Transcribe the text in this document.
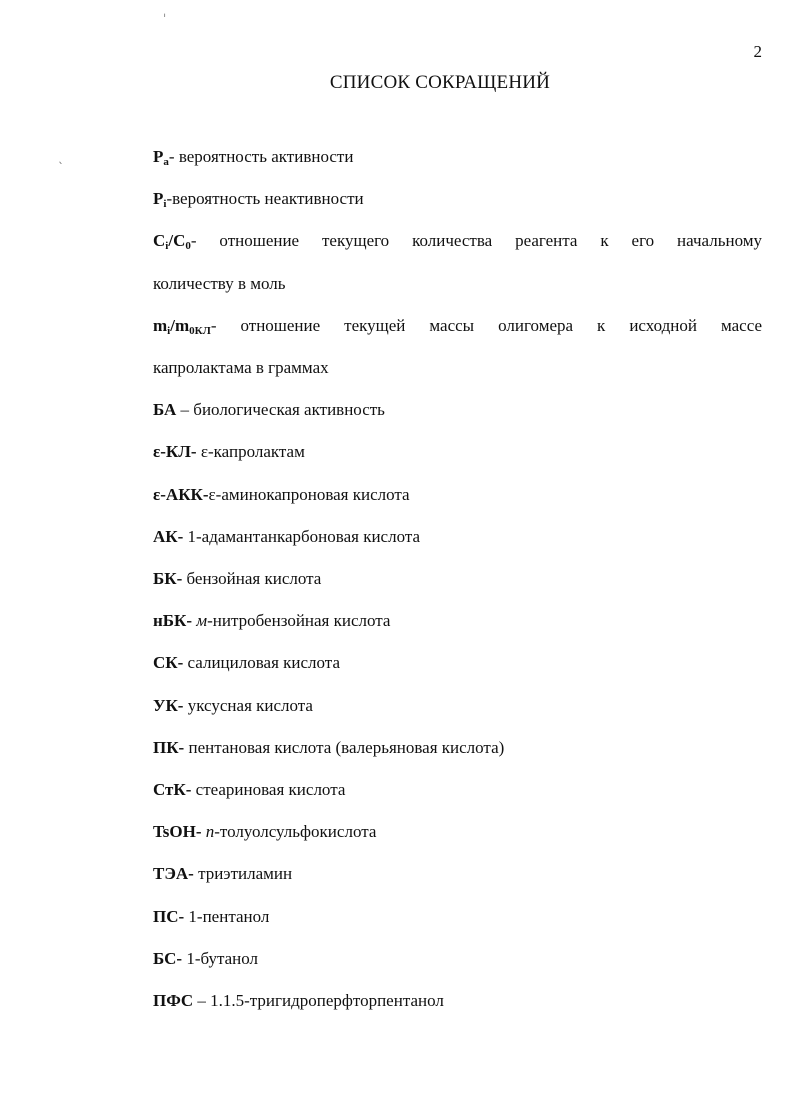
ˌ
ˎ
2
СПИСОК СОКРАЩЕНИЙ
$P_a-$ вероятность активности
$P_i$-вероятность неактивности
$C_i/C_0-$ отношение текущего количества реагента к его начальному
количеству в моль
$m_i/m_{0КЛ}-$ отношение текущей массы олигомера к исходной массе
капролактама в граммах
БА – биологическая активность
ε-КЛ- ε-капролактам
ε-АКК-ε-аминокапроновая кислота
АК- 1-адамантанкарбоновая кислота
БК- бензойная кислота
нБК- м-нитробензойная кислота
СК- салициловая кислота
УК- уксусная кислота
ПК- пентановая кислота (валерьяновая кислота)
СтК- стеариновая кислота
TsOH- п-толуолсульфокислота
ТЭА- триэтиламин
ПС- 1-пентанол
БС- 1-бутанол
ПФС – 1.1.5-тригидроперфторпентанол
